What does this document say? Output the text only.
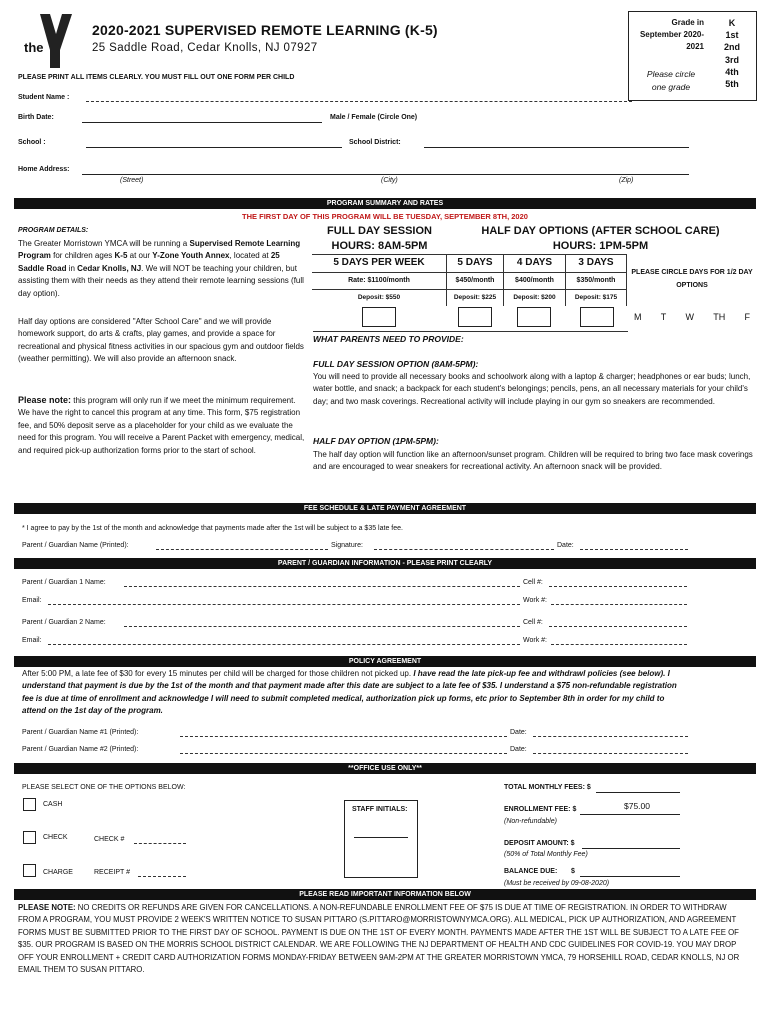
the
2020-2021 SUPERVISED REMOTE LEARNING (K-5)
25 Saddle Road, Cedar Knolls, NJ 07927
Grade in September 2020-2021
K
1st
2nd
3rd
4th
5th
Please circle one grade
PLEASE PRINT ALL ITEMS CLEARLY. YOU MUST FILL OUT ONE FORM PER CHILD
Student Name :
Birth Date:	Male / Female (Circle One)
School :	School District:
Home Address:
(Street)	(City)	(Zip)
PROGRAM SUMMARY AND RATES
THE FIRST DAY OF THIS PROGRAM WILL BE TUESDAY, SEPTEMBER 8TH, 2020
PROGRAM DETAILS:
The Greater Morristown YMCA will be running a Supervised Remote Learning Program for children ages K-5 at our Y-Zone Youth Annex, located at 25 Saddle Road in Cedar Knolls, NJ. We will NOT be teaching your children, but assisting them with their needs as they attend their remote learning sessions (full day option).
Half day options are considered "After School Care" and we will provide homework support, do arts & crafts, play games, and provide a space for recreational and physical fitness activities in our spacious gym and outdoor fields (weather permitting). We will also provide an afternoon snack.
Please note: this program will only run if we meet the minimum requirement. We have the right to cancel this program at any time. This form, $75 registration fee, and 50% deposit serve as a placeholder for your child as we evaluate the need for this program. You will receive a Parent Packet with emergency, medical, and required pick-up authorization forms prior to the start of school.
FULL DAY SESSION
HOURS: 8AM-5PM
HALF DAY OPTIONS (AFTER SCHOOL CARE)
HOURS: 1PM-5PM
5 DAYS PER WEEK	5 DAYS	4 DAYS	3 DAYS
Rate: $1100/month	$450/month	$400/month	$350/month
Deposit: $550	Deposit: $225	Deposit: $200	Deposit: $175
PLEASE CIRCLE DAYS FOR 1/2 DAY OPTIONS
M T W TH F
WHAT PARENTS NEED TO PROVIDE:
FULL DAY SESSION OPTION (8AM-5PM):
You will need to provide all necessary books and schoolwork along with a laptop & charger; headphones or ear buds; lunch, water bottle, and snack; a backpack for each student's belongings; pencils, pens, an all necessary materials for your child's day; and two mask coverings. Recreational activity will include playing in our gym so sneakers are recommended.
HALF DAY OPTION (1PM-5PM):
The half day option will function like an afternoon/sunset program. Children will be required to bring two face mask coverings and are encouraged to wear sneakers for recreational activity. An afternoon snack will be provided.
FEE SCHEDULE & LATE PAYMENT AGREEMENT
* I agree to pay by the 1st of the month and acknowledge that payments made after the 1st will be subject to a $35 late fee.
Parent / Guardian Name (Printed):	Signature:	Date:
PARENT / GUARDIAN INFORMATION - PLEASE PRINT CLEARLY
Parent / Guardian 1 Name:	Cell #:
Email:	Work #:
Parent / Guardian 2 Name:	Cell #:
Email:	Work #:
POLICY AGREEMENT
After 5:00 PM, a late fee of $30 for every 15 minutes per child will be charged for those children not picked up. I have read the late pick-up fee and withdrawl policies (see below). I understand that payment is due by the 1st of the month and that payment made after this date are subject to a late fee of $35. I understand a $75 non-refundable registration fee is due at time of enrollment and acknowledge I will need to submit completed medical, authorization pick up forms, etc prior to September 8th in order for my child to attend on the 1st day of the program.
Parent / Guardian Name #1 (Printed):	Date:
Parent / Guardian Name #2 (Printed):	Date:
**OFFICE USE ONLY**
PLEASE SELECT ONE OF THE OPTIONS BELOW:
CASH
CHECK	CHECK #
CHARGE	RECEIPT #
STAFF INITIALS:
TOTAL MONTHLY FEES: $
ENROLLMENT FEE: $	$75.00
(Non-refundable)
DEPOSIT AMOUNT: $
(50% of Total Monthly Fee)
BALANCE DUE: $
(Must be received by 09-08-2020)
PLEASE READ IMPORTANT INFORMATION BELOW
PLEASE NOTE: NO CREDITS OR REFUNDS ARE GIVEN FOR CANCELLATIONS. A NON-REFUNDABLE ENROLLMENT FEE OF $75 IS DUE AT TIME OF REGISTRATION. IN ORDER TO WITHDRAW FROM A PROGRAM, YOU MUST PROVIDE 2 WEEK'S WRITTEN NOTICE TO SUSAN PITTARO (S.PITTARO@MORRISTOWNYMCA.ORG). ALL MEDICAL, PICK UP AUTHORIZATION, AND AGREEMENT FORMS MUST BE SUBMITTED PRIOR TO THE FIRST DAY OF SCHOOL. PAYMENT IS DUE ON THE 1ST OF EVERY MONTH. PAYMENTS MADE AFTER THE 1ST WILL BE SUBJECT TO A LATE FEE OF $35. OUR PROGRAM IS BASED ON THE MORRIS SCHOOL DISTRICT CALENDAR. WE ARE FOLLOWING THE NJ DEPARTMENT OF HEALTH AND CDC GUIDELINES FOR COVID-19. YOU MAY DROP OFF YOUR ENROLLMENT + CREDIT CARD AUTHORIZATION FORMS MONDAY-FRIDAY BETWEEN 9AM-2PM AT THE GREATER MORRISTOWN YMCA, 79 HORSEHILL ROAD, CEDAR KNOLLS, NJ OR EMAIL THEM TO SUSAN PITTARO.
